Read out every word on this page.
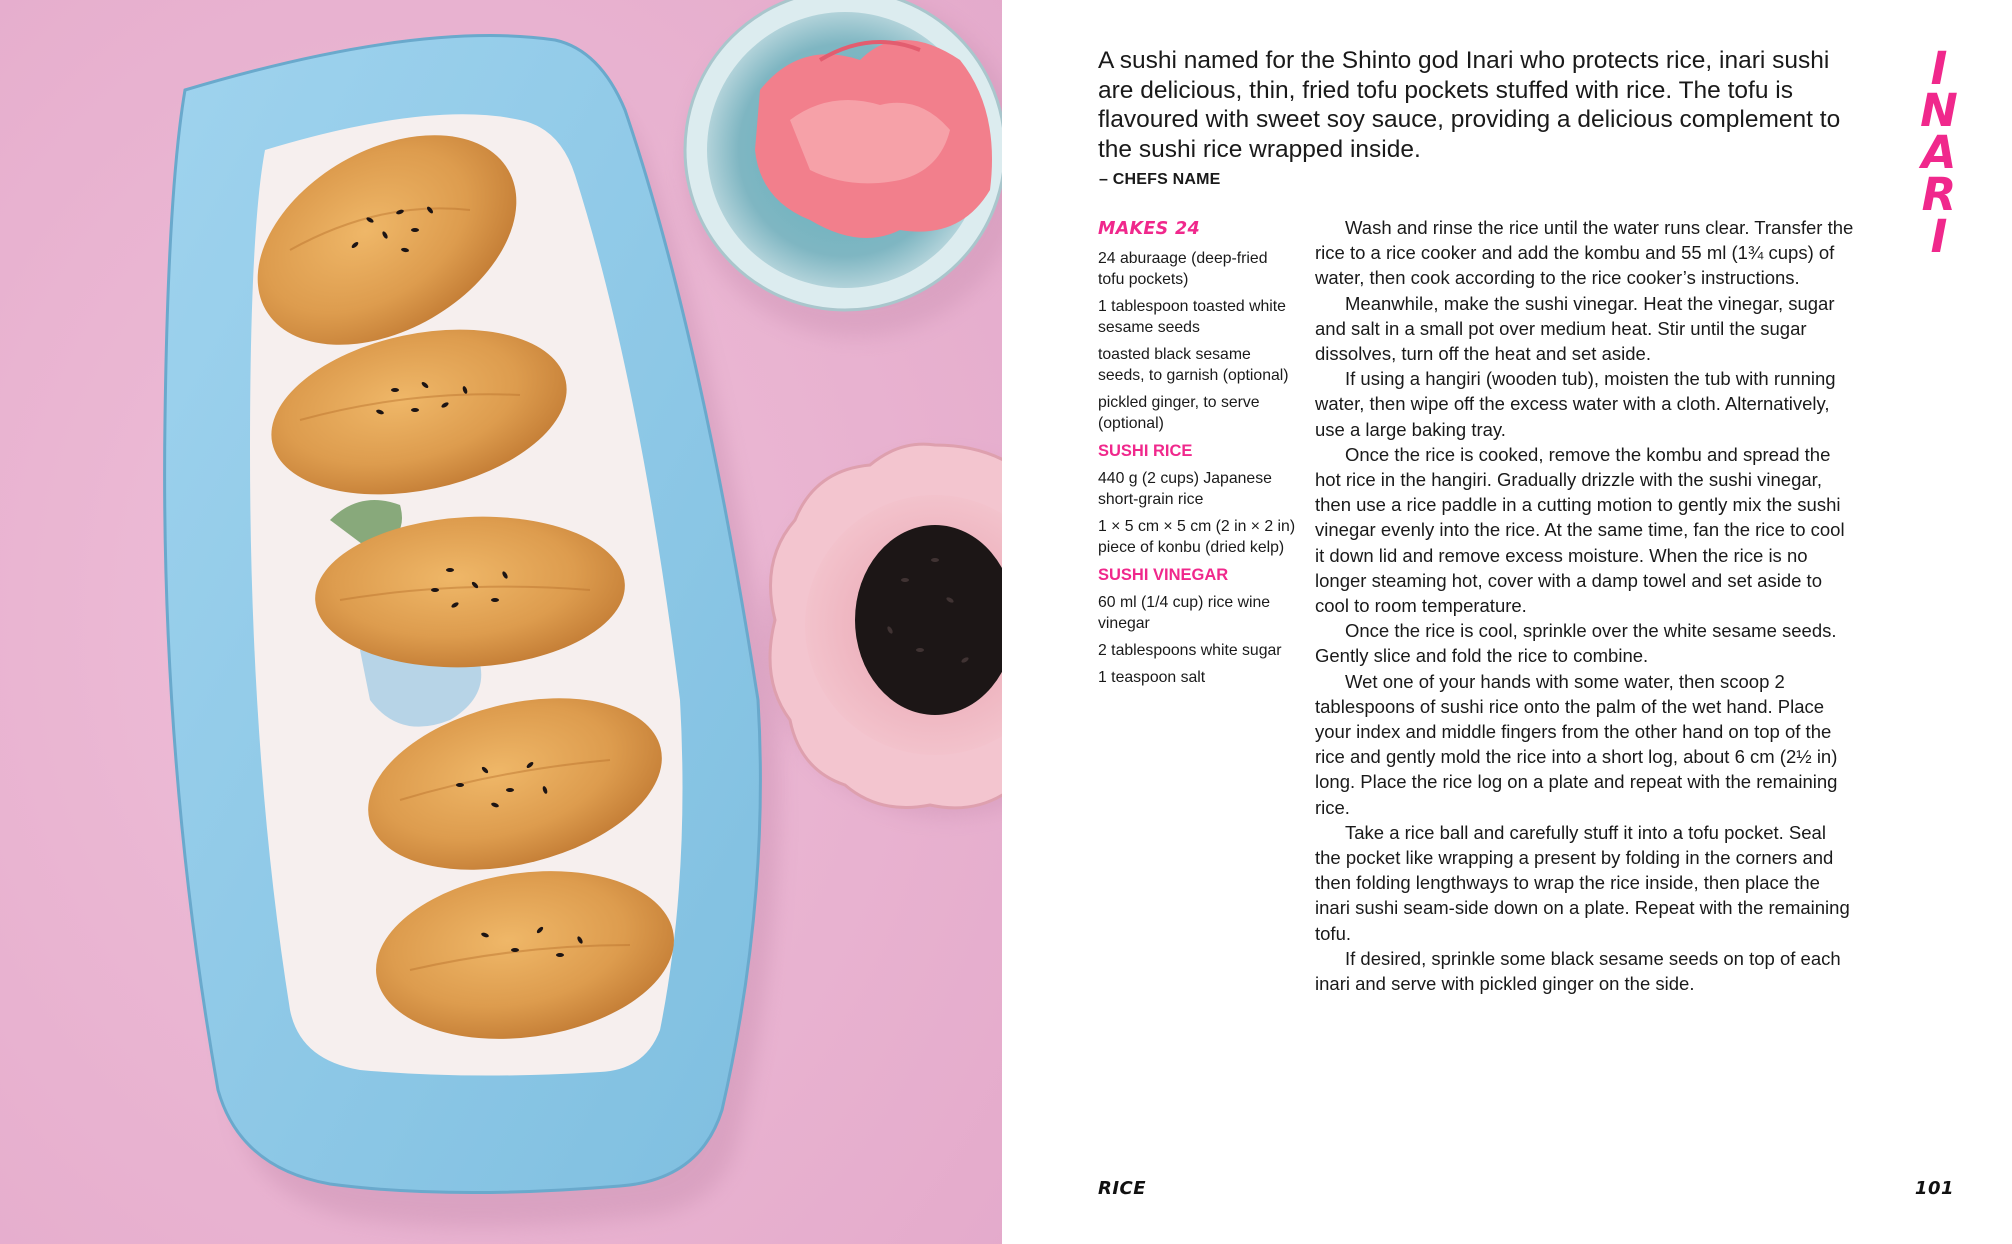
A sushi named for the Shinto god Inari who protects rice, inari sushi are delicious, thin, fried tofu pockets stuffed with rice. The tofu is flavoured with sweet soy sauce, providing a delicious complement to the sushi rice wrapped inside.

– CHEFS NAME
I
N
A
R
I
MAKES 24
24 aburaage (deep-fried tofu pockets)
1 tablespoon toasted white sesame seeds
toasted black sesame seeds, to garnish (optional)
pickled ginger, to serve (optional)
SUSHI RICE
440 g (2 cups) Japanese short-grain rice
1 × 5 cm × 5 cm (2 in × 2 in) piece of konbu (dried kelp)
SUSHI VINEGAR
60 ml (1/4 cup) rice wine vinegar
2 tablespoons white sugar
1 teaspoon salt

Wash and rinse the rice until the water runs clear. Transfer the rice to a rice cooker and add the kombu and 55 ml (1¾ cups) of water, then cook according to the rice cooker’s instructions.

Meanwhile, make the sushi vinegar. Heat the vinegar, sugar and salt in a small pot over medium heat. Stir until the sugar dissolves, turn off the heat and set aside.

If using a hangiri (wooden tub), moisten the tub with running water, then wipe off the excess water with a cloth. Alternatively, use a large baking tray.

Once the rice is cooked, remove the kombu and spread the hot rice in the hangiri. Gradually drizzle with the sushi vinegar, then use a rice paddle in a cutting motion to gently mix the sushi vinegar evenly into the rice. At the same time, fan the rice to cool it down lid and remove excess moisture. When the rice is no longer steaming hot, cover with a damp towel and set aside to cool to room temperature.

Once the rice is cool, sprinkle over the white sesame seeds. Gently slice and fold the rice to combine.

Wet one of your hands with some water, then scoop 2 tablespoons of sushi rice onto the palm of the wet hand. Place your index and middle fingers from the other hand on top of the rice and gently mold the rice into a short log, about 6 cm (2½ in) long. Place the rice log on a plate and repeat with the remaining rice.

Take a rice ball and carefully stuff it into a tofu pocket. Seal the pocket like wrapping a present by folding in the corners and then folding lengthways to wrap the rice inside, then place the inari sushi seam-side down on a plate. Repeat with the remaining tofu.

If desired, sprinkle some black sesame seeds on top of each inari and serve with pickled ginger on the side.

RICE	101
